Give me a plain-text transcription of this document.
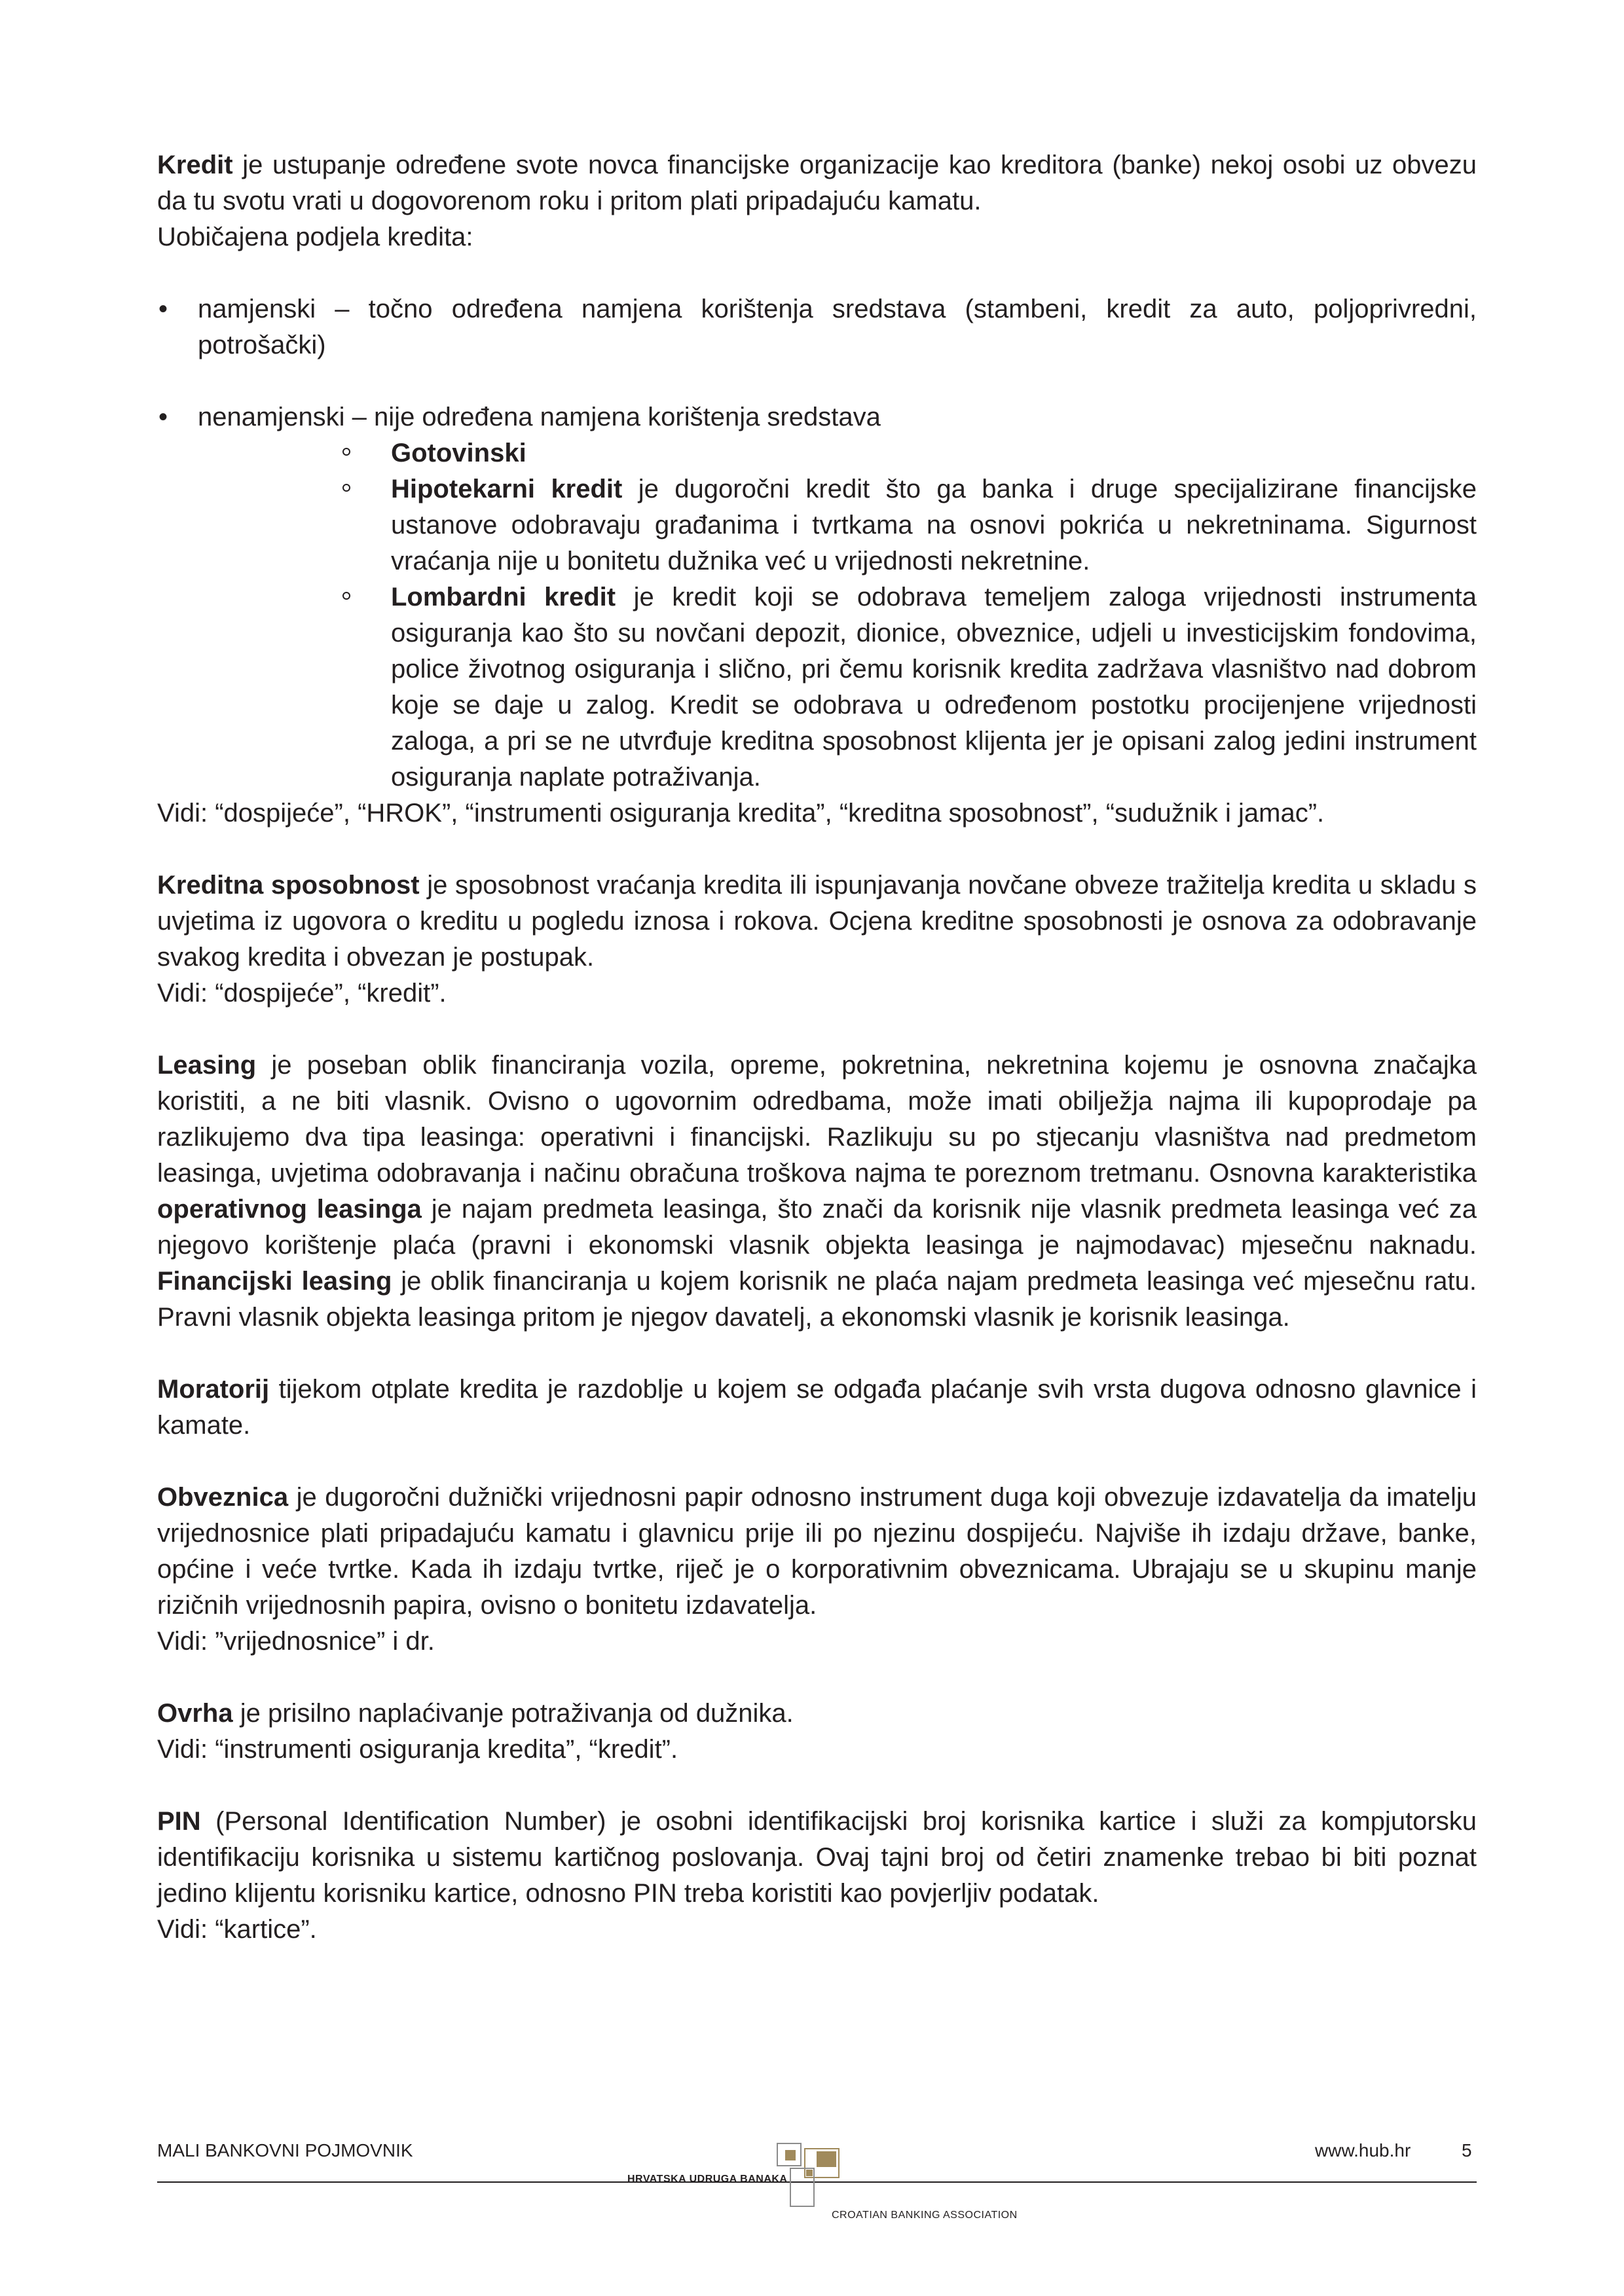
Kredit je ustupanje određene svote novca financijske organizacije kao kreditora (banke) nekoj osobi uz obvezu da tu svotu vrati u dogovorenom roku i pritom plati pripadajuću kamatu.

Uobičajena podjela kredita:

• namjenski – točno određena namjena korištenja sredstava (stambeni, kredit za auto, poljoprivredni, potrošački)
• nenamjenski – nije određena namjena korištenja sredstava
Gotovinski
Hipotekarni kredit je dugoročni kredit što ga banka i druge specijalizirane financijske ustanove odobravaju građanima i tvrtkama na osnovi pokrića u nekretninama. Sigurnost vraćanja nije u bonitetu dužnika već u vrijednosti nekretnine.
Lombardni kredit je kredit koji se odobrava temeljem zaloga vrijednosti instrumenta osiguranja kao što su novčani depozit, dionice, obveznice, udjeli u investicijskim fondovima, police životnog osiguranja i slično, pri čemu korisnik kredita zadržava vlasništvo nad dobrom koje se daje u zalog. Kredit se odobrava u određenom postotku procijenjene vrijednosti zaloga, a pri se ne utvrđuje kreditna sposobnost klijenta jer je opisani zalog jedini instrument osiguranja naplate potraživanja.

Vidi: “dospijeće”, “HROK”, “instrumenti osiguranja kredita”, “kreditna sposobnost”, “sudužnik i jamac”.

Kreditna sposobnost je sposobnost vraćanja kredita ili ispunjavanja novčane obveze tražitelja kredita u skladu s uvjetima iz ugovora o kreditu u pogledu iznosa i rokova. Ocjena kreditne sposobnosti je osnova za odobravanje svakog kredita i obvezan je postupak.

Vidi: “dospijeće”, “kredit”.

Leasing je poseban oblik financiranja vozila, opreme, pokretnina, nekretnina kojemu je osnovna značajka koristiti, a ne biti vlasnik. Ovisno o ugovornim odredbama, može imati obilježja najma ili kupoprodaje pa razlikujemo dva tipa leasinga: operativni i financijski. Razlikuju su po stjecanju vlasništva nad predmetom leasinga, uvjetima odobravanja i načinu obračuna troškova najma te poreznom tretmanu. Osnovna karakteristika operativnog leasinga je najam predmeta leasinga, što znači da korisnik nije vlasnik predmeta leasinga već za njegovo korištenje plaća (pravni i ekonomski vlasnik objekta leasinga je najmodavac) mjesečnu naknadu. Financijski leasing je oblik financiranja u kojem korisnik ne plaća najam predmeta leasinga već mjesečnu ratu. Pravni vlasnik objekta leasinga pritom je njegov davatelj, a ekonomski vlasnik je korisnik leasinga.

Moratorij tijekom otplate kredita je razdoblje u kojem se odgađa plaćanje svih vrsta dugova odnosno glavnice i kamate.

Obveznica je dugoročni dužnički vrijednosni papir odnosno instrument duga koji obvezuje izdavatelja da imatelju vrijednosnice plati pripadajuću kamatu i glavnicu prije ili po njezinu dospijeću. Najviše ih izdaju države, banke, općine i veće tvrtke. Kada ih izdaju tvrtke, riječ je o korporativnim obveznicama. Ubrajaju se u skupinu manje rizičnih vrijednosnih papira, ovisno o bonitetu izdavatelja.

Vidi: ”vrijednosnice” i dr.

Ovrha je prisilno naplaćivanje potraživanja od dužnika.

Vidi: “instrumenti osiguranja kredita”, “kredit”.

PIN (Personal Identification Number) je osobni identifikacijski broj korisnika kartice i služi za kompjutorsku identifikaciju korisnika u sistemu kartičnog poslovanja. Ovaj tajni broj od četiri znamenke trebao bi biti poznat jedino klijentu korisniku kartice, odnosno PIN treba koristiti kao povjerljiv podatak.

Vidi: “kartice”.

MALI BANKOVNI POJMOVNIK
HRVATSKA UDRUGA BANAKA
CROATIAN BANKING ASSOCIATION
www.hub.hr	5
